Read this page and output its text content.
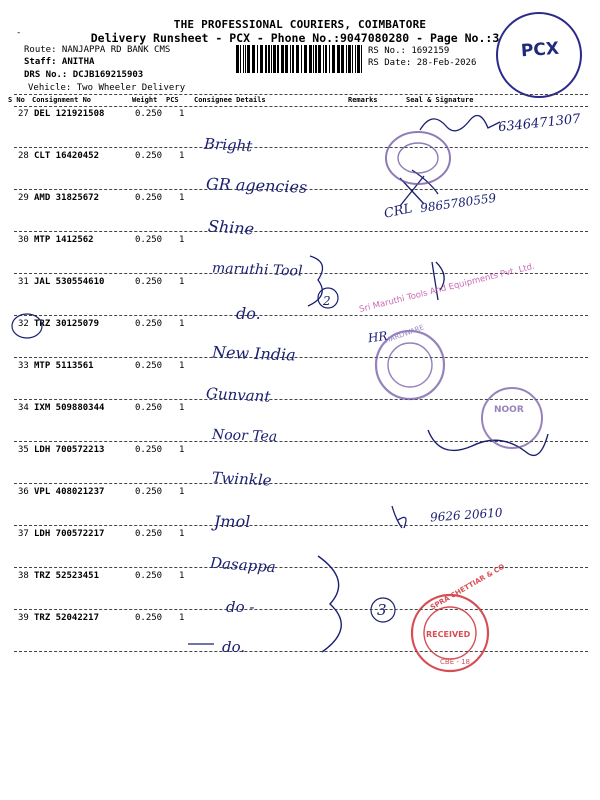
THE PROFESSIONAL COURIERS, COIMBATORE
Delivery Runsheet - PCX - Phone No.:9047080280 - Page No.:3
Route: NANJAPPA RD BANK CMS
Staff: ANITHA
DRS No.: DCJB169215903
Vehicle: Two Wheeler Delivery
RS No.: 1692159
RS Date: 28-Feb-2026
-
PCX
S No Consignment No	Weight PCS Consignee Details	Remarks	Seal & Signature
27 DEL 121921508	0.250 1
28 CLT 16420452	0.250 1
29 AMD 31825672	0.250 1
30 MTP 1412562	0.250 1
31 JAL 530554610	0.250 1
32 TRZ 30125079	0.250 1
33 MTP 5113561	0.250 1
34 IXM 509880344	0.250 1
35 LDH 700572213	0.250 1
36 VPL 408021237	0.250 1
37 LDH 700572217	0.250 1
38 TRZ 52523451	0.250 1
39 TRZ 52042217	0.250 1
HARDWARE
NOOR
SPRA CHETTIAR & CO
RECEIVED
CBE - 18
Sri Maruthi Tools And Equipments Pvt. Ltd.
Bright
GR agencies
Shine
maruthi Tool
do.
New India
Gunvant
Noor Tea
Twinkle
Jmol
Dasappa
do -
do.
2
3
6346471307
CRL 9865780559
HR
9626 20610
